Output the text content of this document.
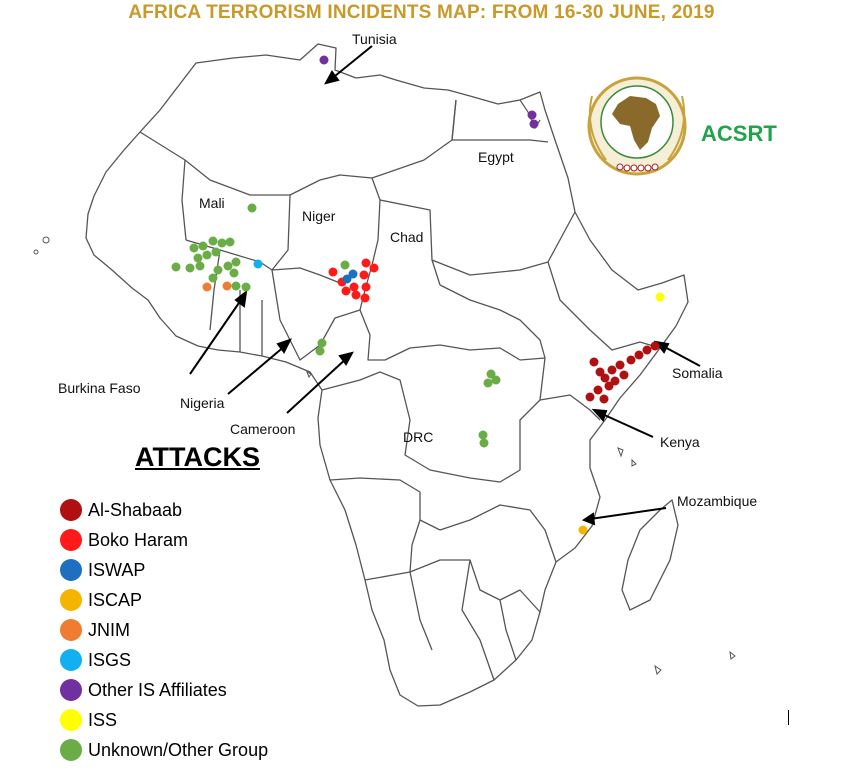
AFRICA TERRORISM INCIDENTS MAP: FROM 16-30 JUNE, 2019
ACSRT
Tunisia
Egypt
Mali
Niger
Chad
Burkina Faso
Nigeria
Cameroon	DRC
Somalia
Kenya
Mozambique
ATTACKS
Al-Shabaab
Boko Haram
ISWAP
ISCAP
JNIM
ISGS
Other IS Affiliates
ISS
Unknown/Other Group
